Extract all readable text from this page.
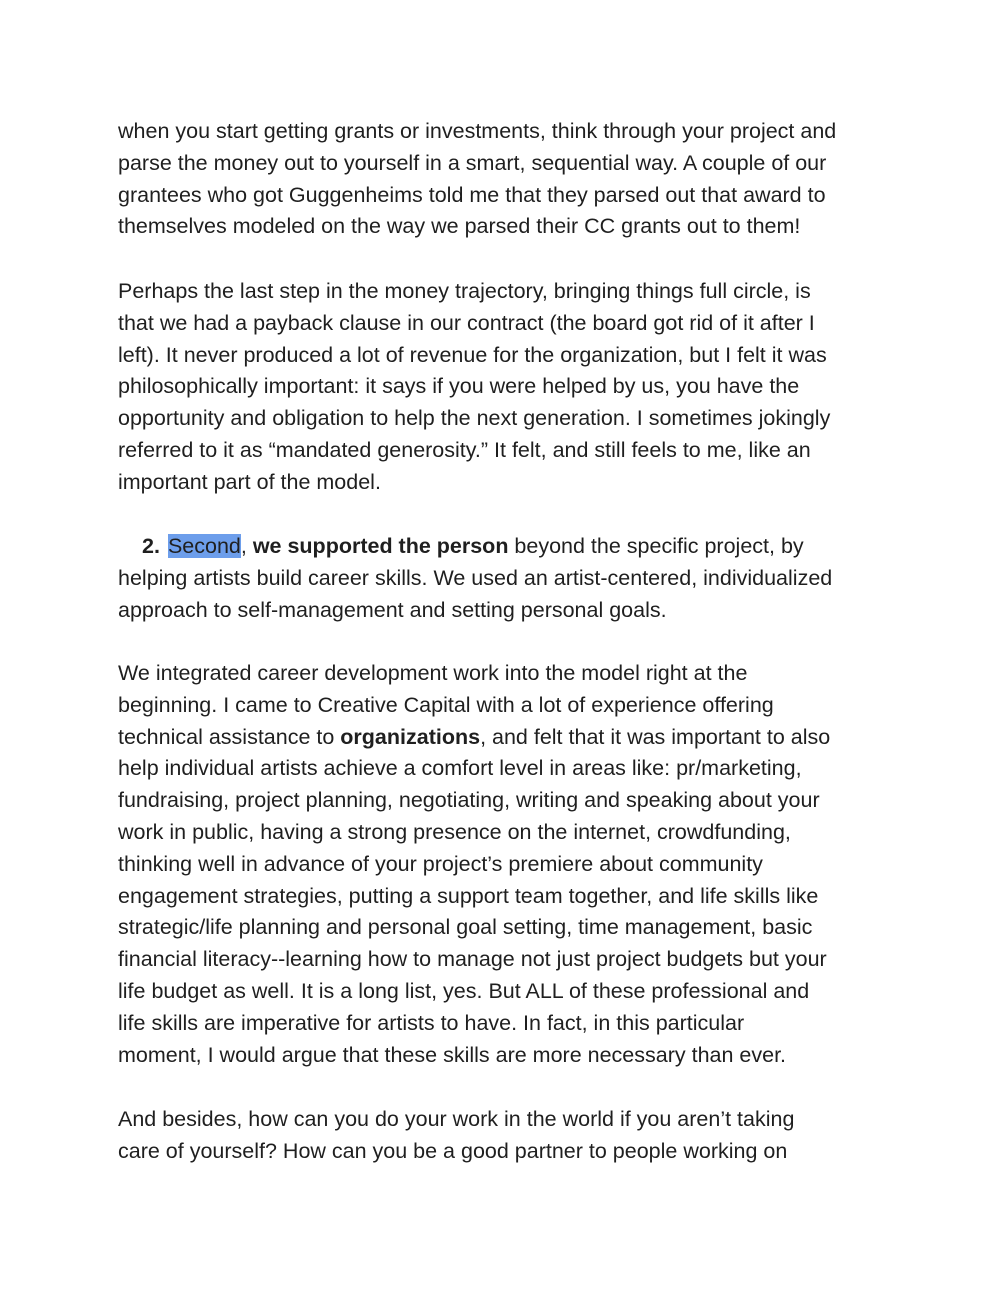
when you start getting grants or investments, think through your project and
parse the money out to yourself in a smart, sequential way. A couple of our
grantees who got Guggenheims told me that they parsed out that award to
themselves modeled on the way we parsed their CC grants out to them!

Perhaps the last step in the money trajectory, bringing things full circle, is
that we had a payback clause in our contract (the board got rid of it after I
left). It never produced a lot of revenue for the organization, but I felt it was
philosophically important: it says if you were helped by us, you have the
opportunity and obligation to help the next generation. I sometimes jokingly
referred to it as “mandated generosity.” It felt, and still feels to me, like an
important part of the model.

2. Second, we supported the person beyond the specific project, by
helping artists build career skills. We used an artist-centered, individualized
approach to self-management and setting personal goals.

We integrated career development work into the model right at the
beginning. I came to Creative Capital with a lot of experience offering
technical assistance to organizations, and felt that it was important to also
help individual artists achieve a comfort level in areas like: pr/marketing,
fundraising, project planning, negotiating, writing and speaking about your
work in public, having a strong presence on the internet, crowdfunding,
thinking well in advance of your project’s premiere about community
engagement strategies, putting a support team together, and life skills like
strategic/life planning and personal goal setting, time management, basic
financial literacy--learning how to manage not just project budgets but your
life budget as well. It is a long list, yes. But ALL of these professional and
life skills are imperative for artists to have. In fact, in this particular
moment, I would argue that these skills are more necessary than ever.

And besides, how can you do your work in the world if you aren’t taking
care of yourself? How can you be a good partner to people working on
